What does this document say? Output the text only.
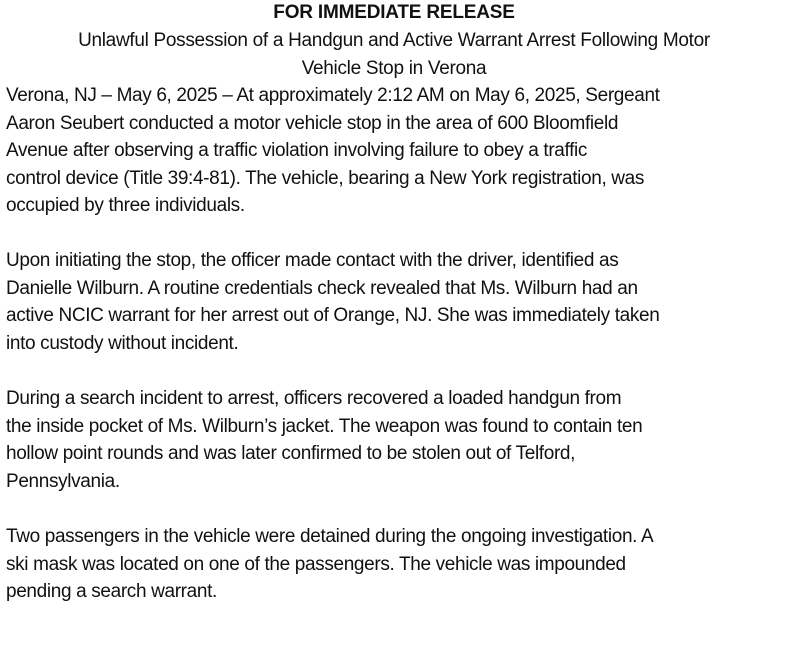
FOR IMMEDIATE RELEASE
Unlawful Possession of a Handgun and Active Warrant Arrest Following Motor
Vehicle Stop in Verona
Verona, NJ – May 6, 2025 – At approximately 2:12 AM on May 6, 2025, Sergeant
Aaron Seubert conducted a motor vehicle stop in the area of 600 Bloomfield
Avenue after observing a traffic violation involving failure to obey a traffic
control device (Title 39:4-81). The vehicle, bearing a New York registration, was
occupied by three individuals.
Upon initiating the stop, the officer made contact with the driver, identified as
Danielle Wilburn. A routine credentials check revealed that Ms. Wilburn had an
active NCIC warrant for her arrest out of Orange, NJ. She was immediately taken
into custody without incident.
During a search incident to arrest, officers recovered a loaded handgun from
the inside pocket of Ms. Wilburn’s jacket. The weapon was found to contain ten
hollow point rounds and was later confirmed to be stolen out of Telford,
Pennsylvania.
Two passengers in the vehicle were detained during the ongoing investigation. A
ski mask was located on one of the passengers. The vehicle was impounded
pending a search warrant.
